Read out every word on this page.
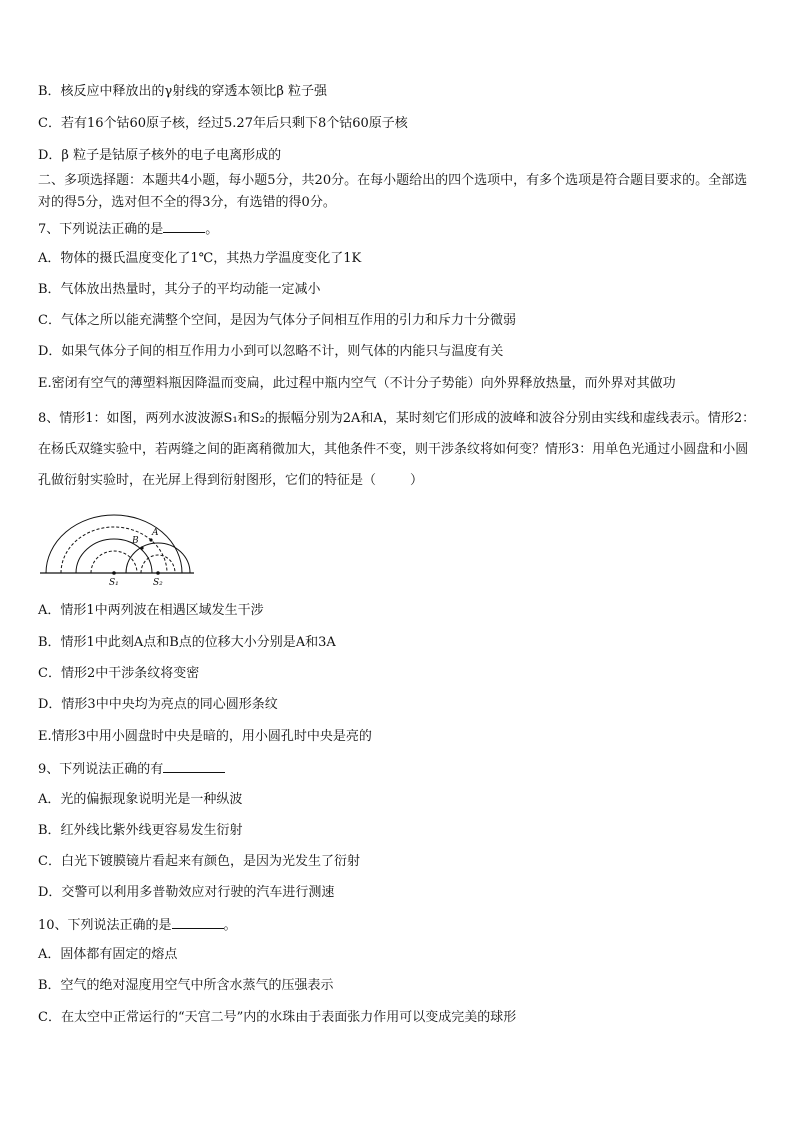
B．核反应中释放出的γ射线的穿透本领比β 粒子强
C．若有16个钴60原子核，经过5.27年后只剩下8个钴60原子核
D．β 粒子是钴原子核外的电子电离形成的
二、多项选择题：本题共4小题，每小题5分，共20分。在每小题给出的四个选项中，有多个选项是符合题目要求的。全部选对的得5分，选对但不全的得3分，有选错的得0分。
7、下列说法正确的是	。
A．物体的摄氏温度变化了1℃，其热力学温度变化了1K
B．气体放出热量时，其分子的平均动能一定减小
C．气体之所以能充满整个空间，是因为气体分子间相互作用的引力和斥力十分微弱
D．如果气体分子间的相互作用力小到可以忽略不计，则气体的内能只与温度有关
E.密闭有空气的薄塑料瓶因降温而变扁，此过程中瓶内空气（不计分子势能）向外界释放热量，而外界对其做功
8、情形1：如图，两列水波波源S₁和S₂的振幅分别为2A和A，某时刻它们形成的波峰和波谷分别由实线和虚线表示。情形2：在杨氏双缝实验中，若两缝之间的距离稍微加大，其他条件不变，则干涉条纹将如何变？情形3：用单色光通过小圆盘和小圆孔做衍射实验时，在光屏上得到衍射图形，它们的特征是（	）
A
B
S₁	S₂
A．情形1中两列波在相遇区域发生干涉
B．情形1中此刻A点和B点的位移大小分别是A和3A
C．情形2中干涉条纹将变密
D．情形3中中央均为亮点的同心圆形条纹
E.情形3中用小圆盘时中央是暗的，用小圆孔时中央是亮的
9、下列说法正确的有
A．光的偏振现象说明光是一种纵波
B．红外线比紫外线更容易发生衍射
C．白光下镀膜镜片看起来有颜色，是因为光发生了衍射
D．交警可以利用多普勒效应对行驶的汽车进行测速
10、下列说法正确的是	。
A．固体都有固定的熔点
B．空气的绝对湿度用空气中所含水蒸气的压强表示
C．在太空中正常运行的“天宫二号”内的水珠由于表面张力作用可以变成完美的球形
